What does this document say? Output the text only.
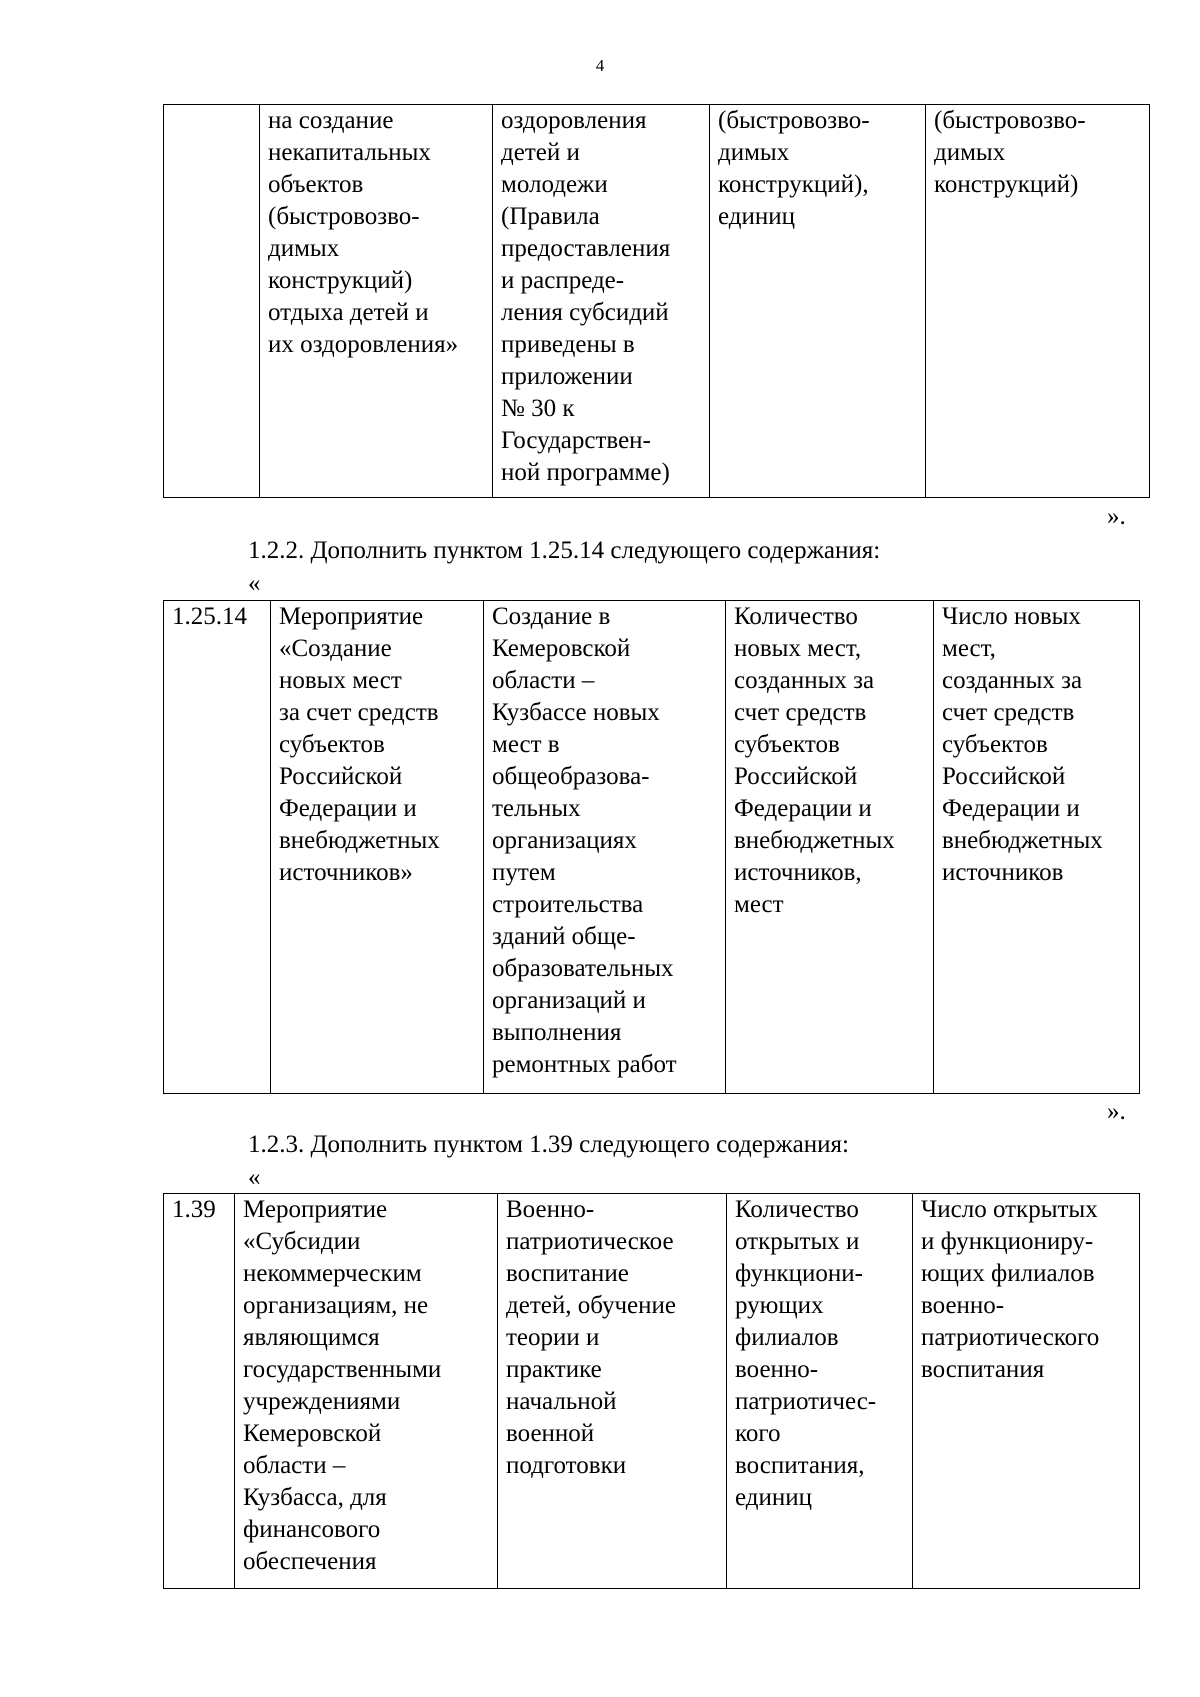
4
	на создание
некапитальных
объектов
(быстровозво-
димых
конструкций)
отдыха детей и
их оздоровления»	оздоровления
детей и
молодежи
(Правила
предоставления
и распреде-
ления субсидий
приведены в
приложении
№ 30 к
Государствен-
ной программе)	(быстровозво-
димых
конструкций),
единиц	(быстровозво-
димых
конструкций)
».
1.2.2. Дополнить пунктом 1.25.14 следующего содержания:
«
1.25.14	Мероприятие
«Создание
новых мест
за счет средств
субъектов
Российской
Федерации и
внебюджетных
источников»	Создание в
Кемеровской
области –
Кузбассе новых
мест в
общеобразова-
тельных
организациях
путем
строительства
зданий обще-
образовательных
организаций и
выполнения
ремонтных работ	Количество
новых мест,
созданных за
счет средств
субъектов
Российской
Федерации и
внебюджетных
источников,
мест	Число новых
мест,
созданных за
счет средств
субъектов
Российской
Федерации и
внебюджетных
источников
».
1.2.3. Дополнить пунктом 1.39 следующего содержания:
«
1.39	Мероприятие
«Субсидии
некоммерческим
организациям, не
являющимся
государственными
учреждениями
Кемеровской
области –
Кузбасса, для
финансового
обеспечения	Военно-
патриотическое
воспитание
детей, обучение
теории и
практике
начальной
военной
подготовки	Количество
открытых и
функциони-
рующих
филиалов
военно-
патриотичес-
кого
воспитания,
единиц	Число открытых
и функциониру-
ющих филиалов
военно-
патриотического
воспитания
